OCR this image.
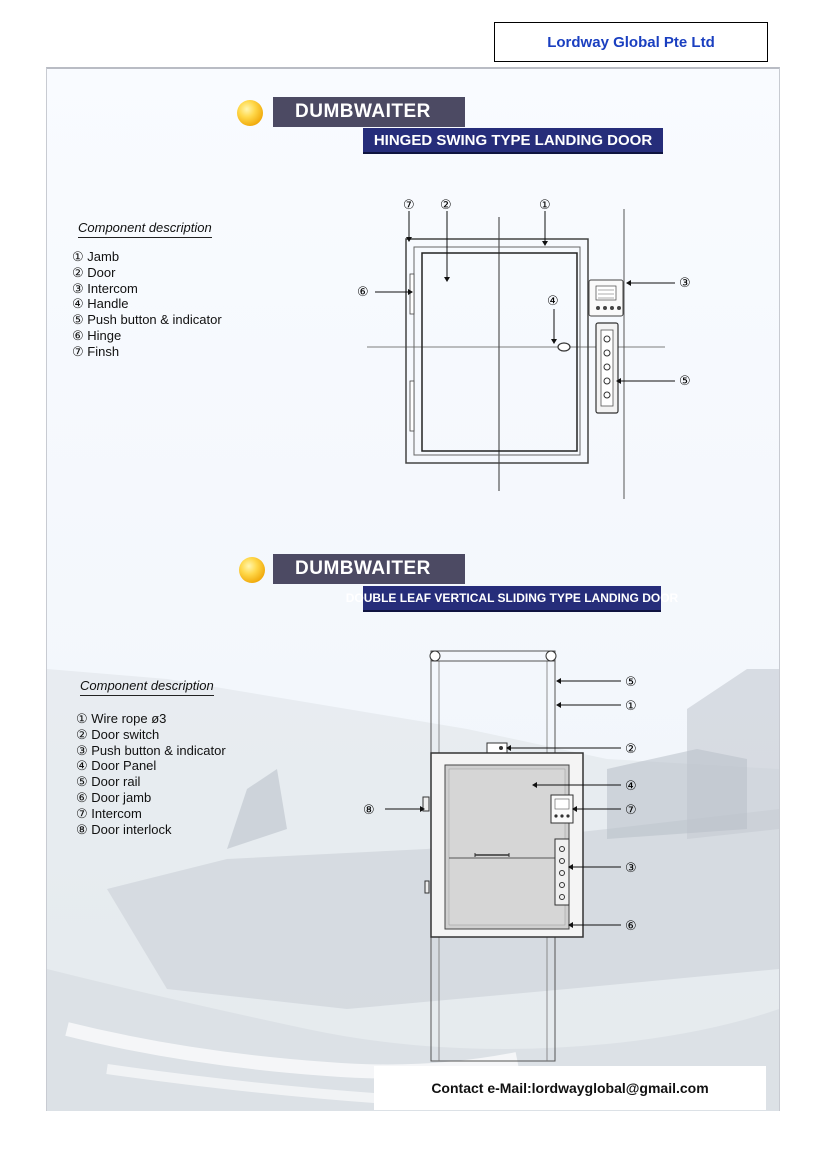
Lordway Global Pte Ltd
DUMBWAITER
HINGED SWING TYPE LANDING DOOR
Component description
① Jamb
② Door
③ Intercom
④ Handle
⑤ Push button & indicator
⑥ Hinge
⑦ Finsh
⑦ ②	①
⑥
④
③
⑤
DUMBWAITER
DOUBLE LEAF VERTICAL SLIDING TYPE LANDING DOOR
Component description
① Wire rope ø3
② Door switch
③ Push button & indicator
④ Door Panel
⑤ Door rail
⑥ Door jamb
⑦ Intercom
⑧ Door interlock
⑤
①
②
④
⑧	⑦
③
⑥
Contact e-Mail:lordwayglobal@gmail.com
